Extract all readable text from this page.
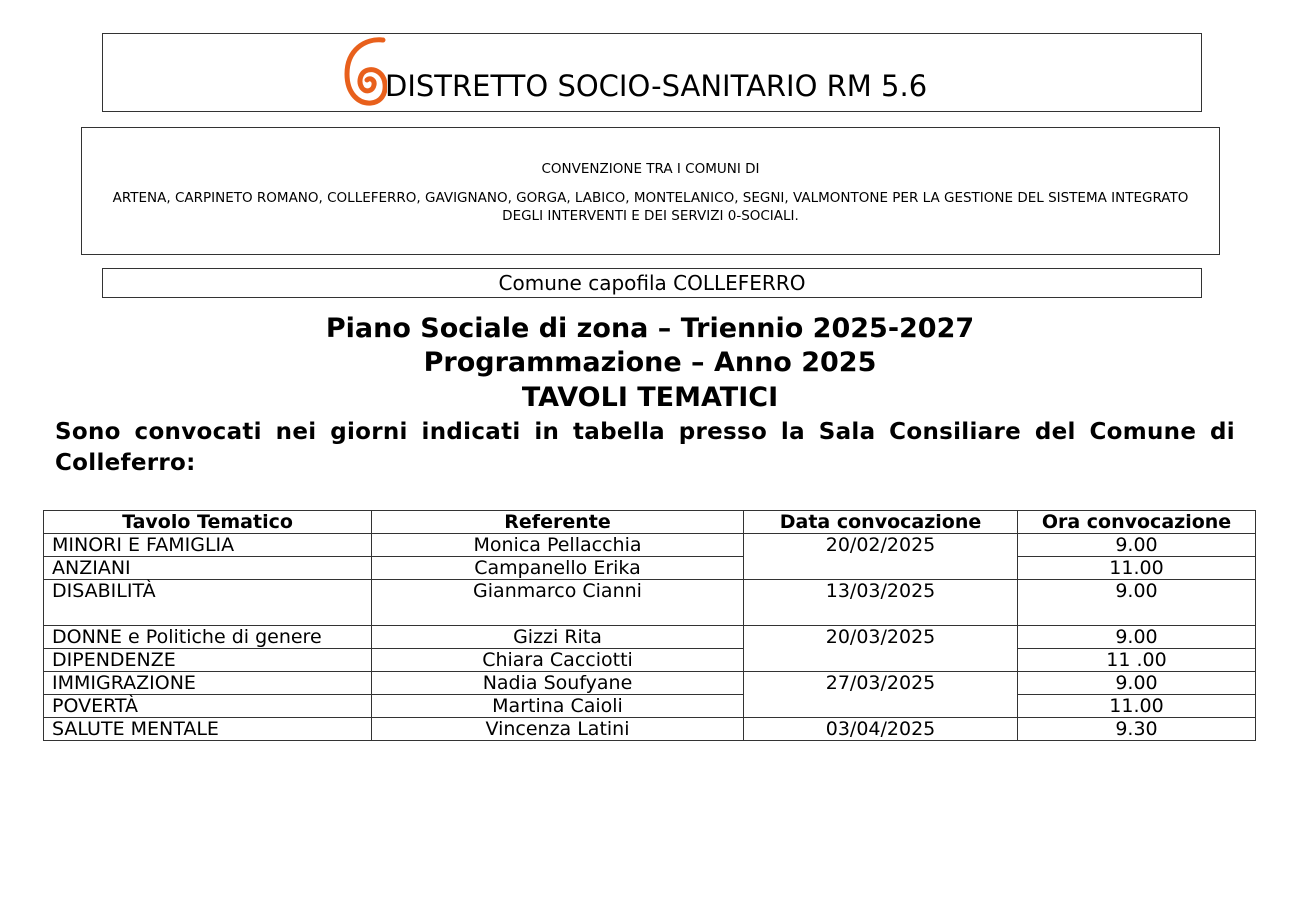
DISTRETTO SOCIO-SANITARIO RM 5.6
CONVENZIONE TRA I COMUNI DI
ARTENA, CARPINETO ROMANO, COLLEFERRO, GAVIGNANO, GORGA, LABICO, MONTELANICO, SEGNI, VALMONTONE PER LA GESTIONE DEL SISTEMA INTEGRATO DEGLI INTERVENTI E DEI SERVIZI 0-SOCIALI.
Comune capofila COLLEFERRO
Piano Sociale di zona – Triennio 2025-2027
Programmazione – Anno 2025
TAVOLI TEMATICI
Sono convocati nei giorni indicati in tabella presso la Sala Consiliare del Comune di Colleferro:
Tavolo Tematico	Referente	Data convocazione	Ora convocazione
MINORI E FAMIGLIA	Monica Pellacchia	20/02/2025	9.00
ANZIANI	Campanello Erika		11.00
DISABILITÀ	Gianmarco Cianni	13/03/2025	9.00
DONNE e Politiche di genere	Gizzi Rita	20/03/2025	9.00
DIPENDENZE	Chiara Cacciotti		11 .00
IMMIGRAZIONE	Nadia Soufyane	27/03/2025	9.00
POVERTÀ	Martina Caioli		11.00
SALUTE MENTALE	Vincenza Latini	03/04/2025	9.30
